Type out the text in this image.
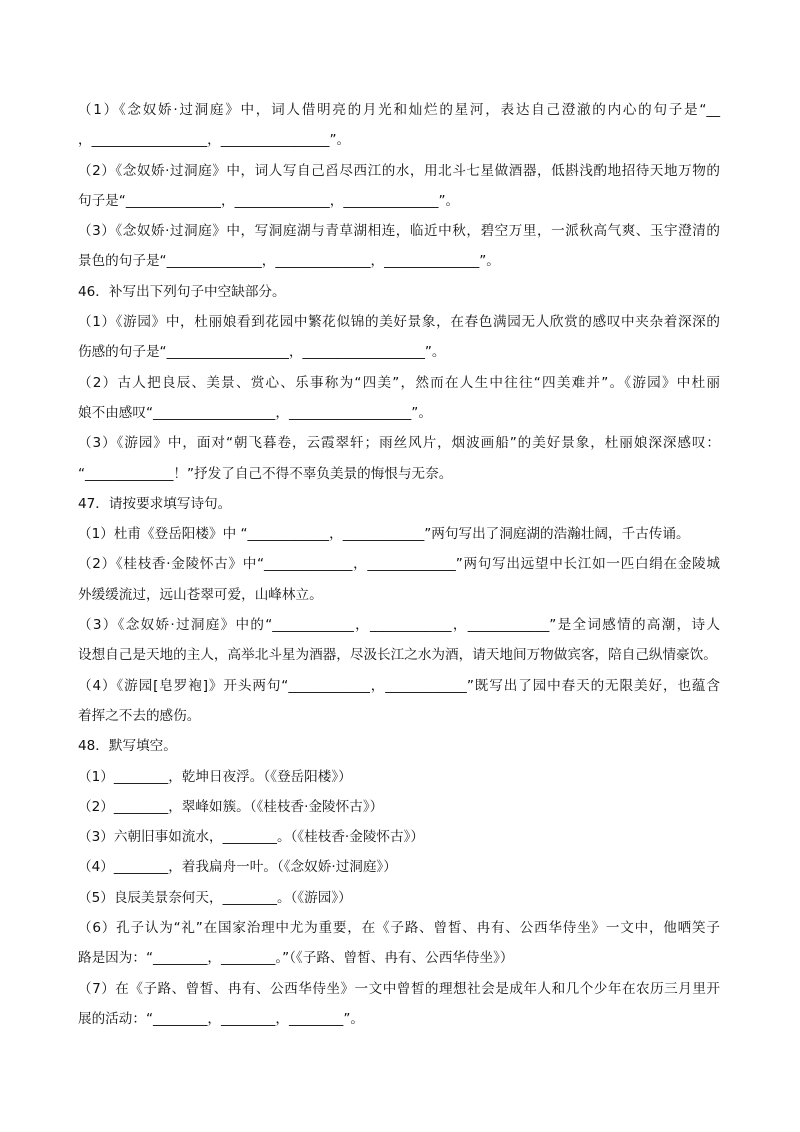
（1）《念奴娇·过洞庭》中，词人借明亮的月光和灿烂的星河，表达自己澄澈的内心的句子是“__
，_________________，________________”。
（2）《念奴娇·过洞庭》中，词人写自己舀尽西江的水，用北斗七星做酒器，低斟浅酌地招待天地万物的
句子是“______________，______________，______________”。
（3）《念奴娇·过洞庭》中，写洞庭湖与青草湖相连，临近中秋，碧空万里，一派秋高气爽、玉宇澄清的
景色的句子是“______________，______________，______________”。
46．补写出下列句子中空缺部分。
（1）《游园》中，杜丽娘看到花园中繁花似锦的美好景象，在春色满园无人欣赏的感叹中夹杂着深深的
伤感的句子是“__________________，__________________”。
（2）古人把良辰、美景、赏心、乐事称为“四美”，然而在人生中往往“四美难并”。《游园》中杜丽
娘不由感叹“__________________，__________________”。
（3）《游园》中，面对“朝飞暮卷，云霞翠轩；雨丝风片，烟波画船”的美好景象，杜丽娘深深感叹：
“_____________！”抒发了自己不得不辜负美景的悔恨与无奈。
47．请按要求填写诗句。
（1）杜甫《登岳阳楼》中 “____________，____________”两句写出了洞庭湖的浩瀚壮阔，千古传诵。
（2）《桂枝香·金陵怀古》中“_____________，_____________”两句写出远望中长江如一匹白绢在金陵城
外缓缓流过，远山苍翠可爱，山峰林立。
（3）《念奴娇·过洞庭》中的“____________，____________，____________”是全词感情的高潮，诗人
设想自己是天地的主人，高举北斗星为酒器，尽汲长江之水为酒，请天地间万物做宾客，陪自己纵情豪饮。
（4）《游园[皂罗袍]》开头两句“____________，____________”既写出了园中春天的无限美好，也蕴含
着挥之不去的感伤。
48．默写填空。
（1）________，乾坤日夜浮。（《登岳阳楼》）
（2）________，翠峰如簇。（《桂枝香·金陵怀古》）
（3）六朝旧事如流水，________。（《桂枝香·金陵怀古》）
（4）________，着我扁舟一叶。（《念奴娇·过洞庭》）
（5）良辰美景奈何天，________。（《游园》）
（6）孔子认为“礼”在国家治理中尤为重要，在《子路、曾皙、冉有、公西华侍坐》一文中，他哂笑子
路是因为：“________，________。”（《子路、曾皙、冉有、公西华侍坐》）
（7）在《子路、曾皙、冉有、公西华侍坐》一文中曾皙的理想社会是成年人和几个少年在农历三月里开
展的活动：“________，________，________”。
